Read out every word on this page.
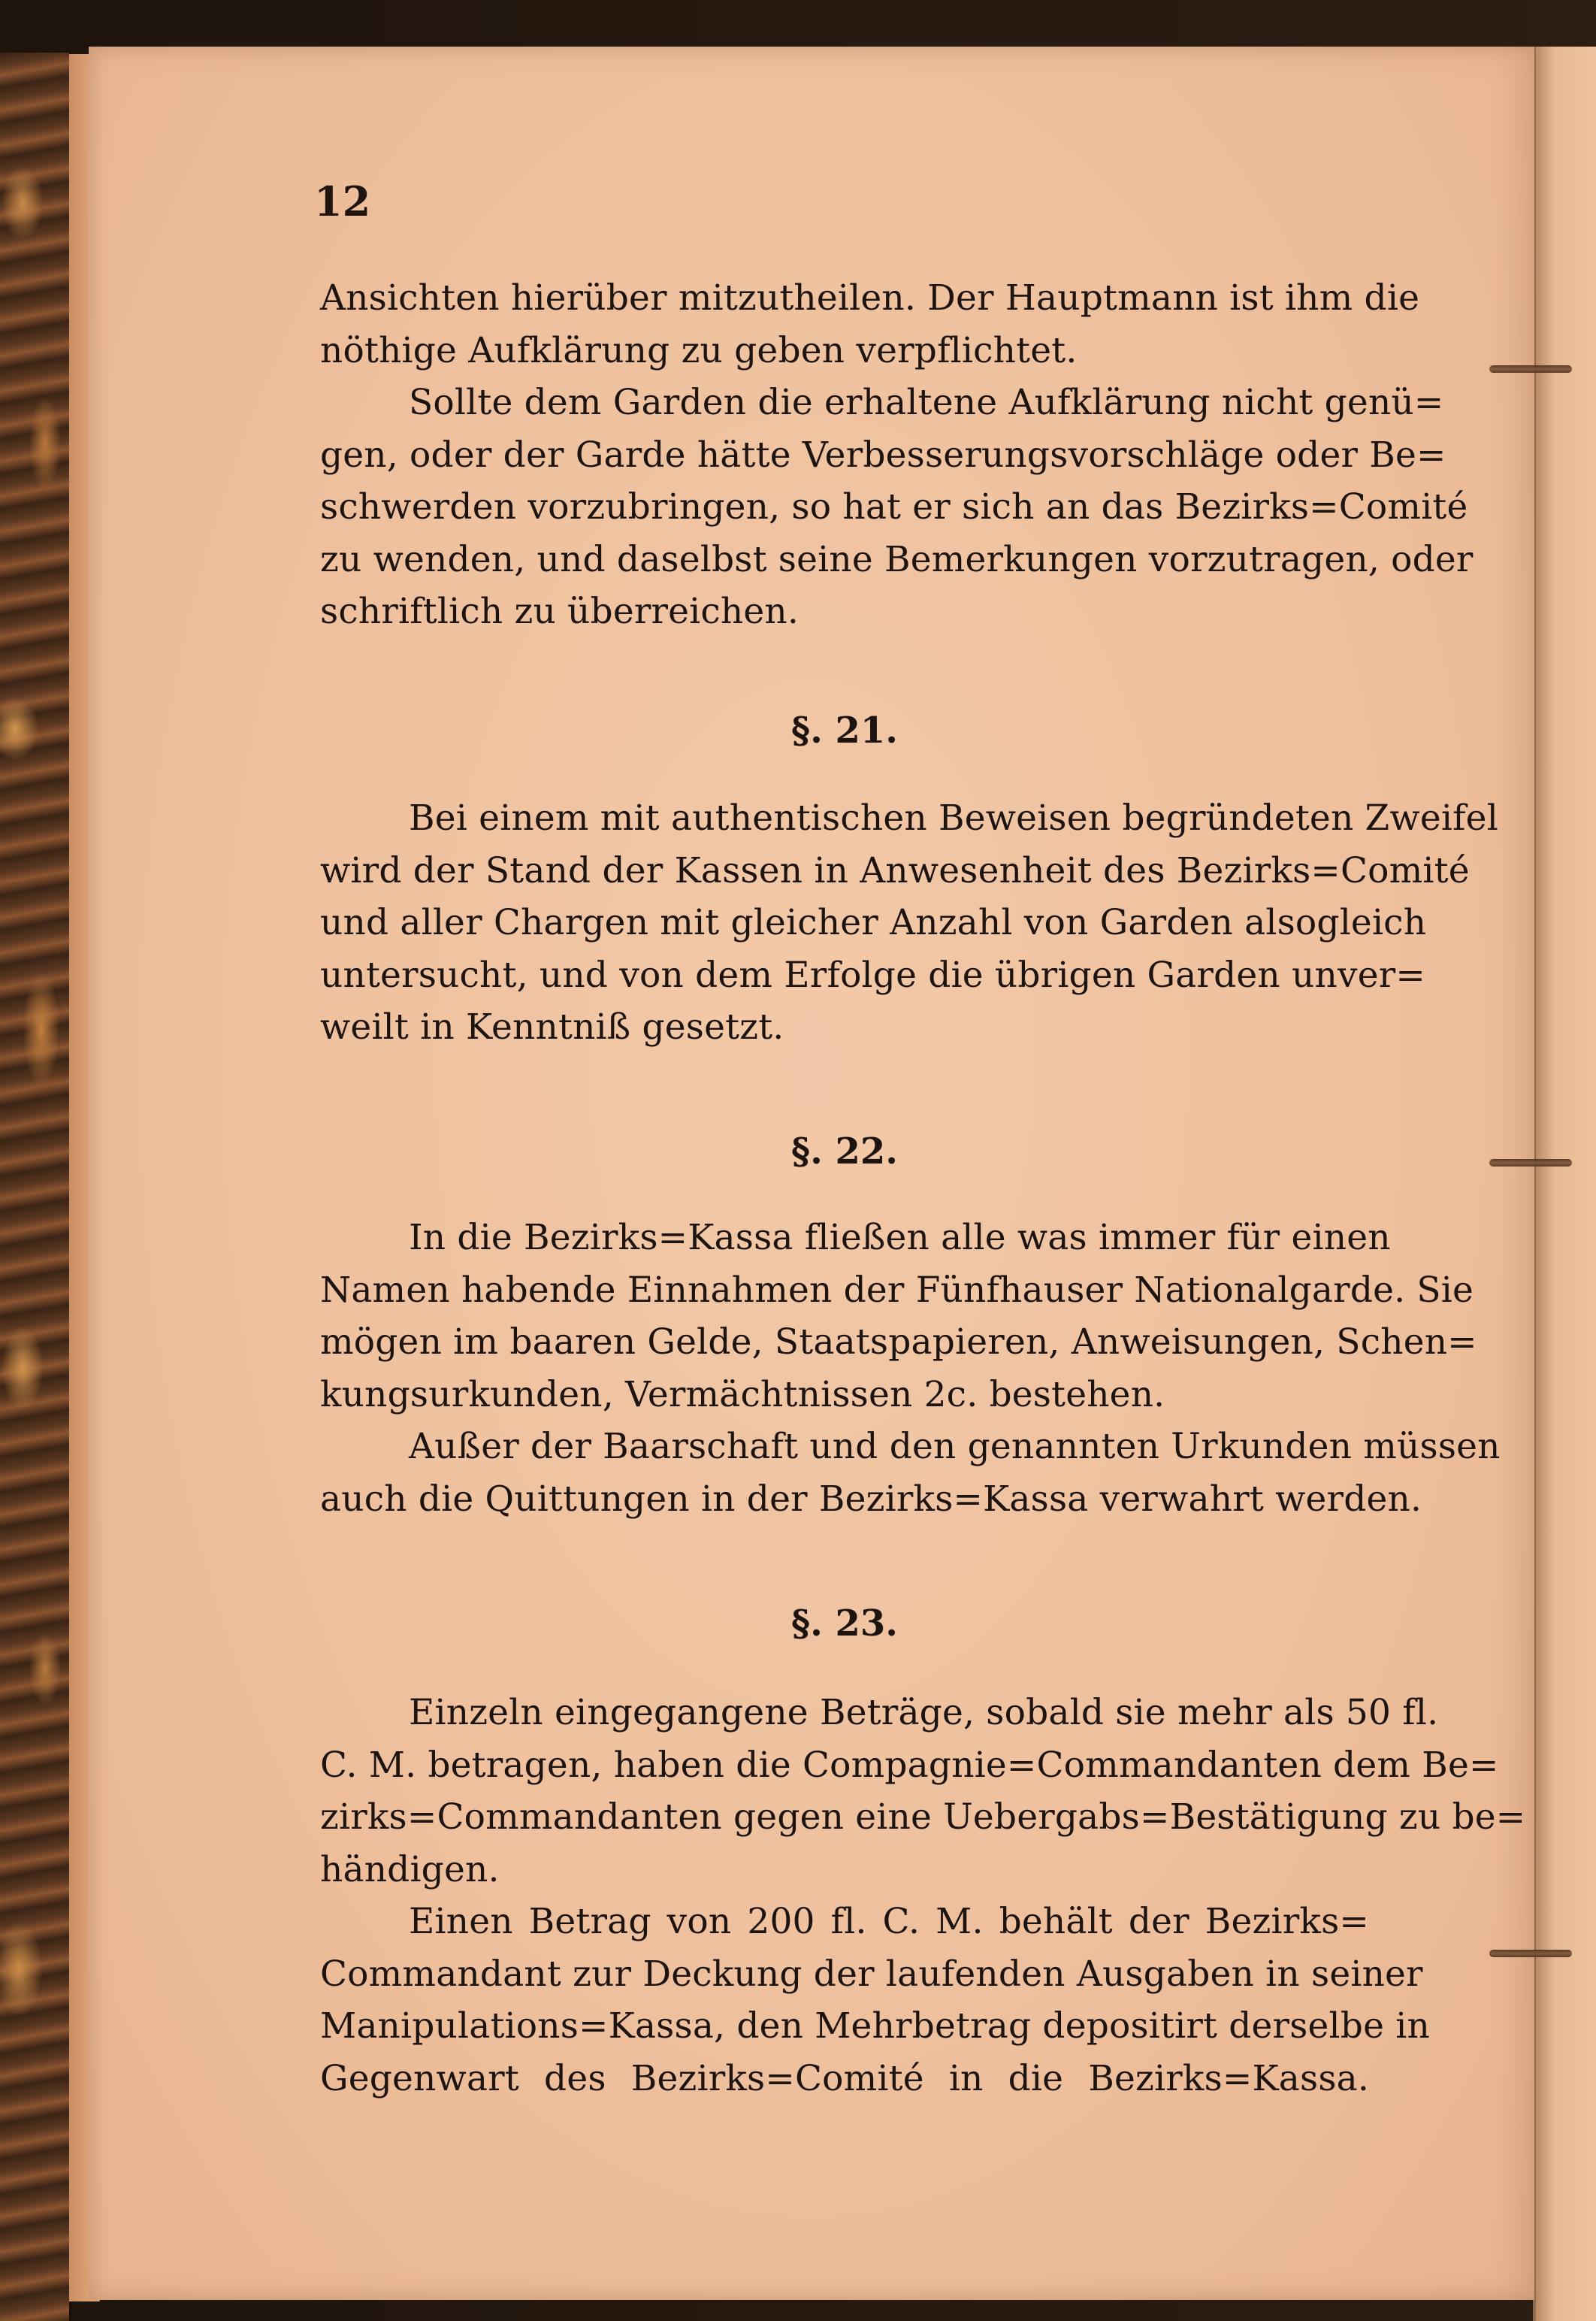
12
Ansichten hierüber mitzutheilen. Der Hauptmann ist ihm die
nöthige Aufklärung zu geben verpflichtet.
Sollte dem Garden die erhaltene Aufklärung nicht genü=
gen, oder der Garde hätte Verbesserungsvorschläge oder Be=
schwerden vorzubringen, so hat er sich an das Bezirks=Comité
zu wenden, und daselbst seine Bemerkungen vorzutragen, oder
schriftlich zu überreichen.
§. 21.
Bei einem mit authentischen Beweisen begründeten Zweifel
wird der Stand der Kassen in Anwesenheit des Bezirks=Comité
und aller Chargen mit gleicher Anzahl von Garden alsogleich
untersucht, und von dem Erfolge die übrigen Garden unver=
weilt in Kenntniß gesetzt.
§. 22.
In die Bezirks=Kassa fließen alle was immer für einen
Namen habende Einnahmen der Fünfhauser Nationalgarde. Sie
mögen im baaren Gelde, Staatspapieren, Anweisungen, Schen=
kungsurkunden, Vermächtnissen 2c. bestehen.
Außer der Baarschaft und den genannten Urkunden müssen
auch die Quittungen in der Bezirks=Kassa verwahrt werden.
§. 23.
Einzeln eingegangene Beträge, sobald sie mehr als 50 fl.
C. M. betragen, haben die Compagnie=Commandanten dem Be=
zirks=Commandanten gegen eine Uebergabs=Bestätigung zu be=
händigen.
Einen Betrag von 200 fl. C. M. behält der Bezirks=
Commandant zur Deckung der laufenden Ausgaben in seiner
Manipulations=Kassa, den Mehrbetrag depositirt derselbe in
Gegenwart des Bezirks=Comité in die Bezirks=Kassa.
